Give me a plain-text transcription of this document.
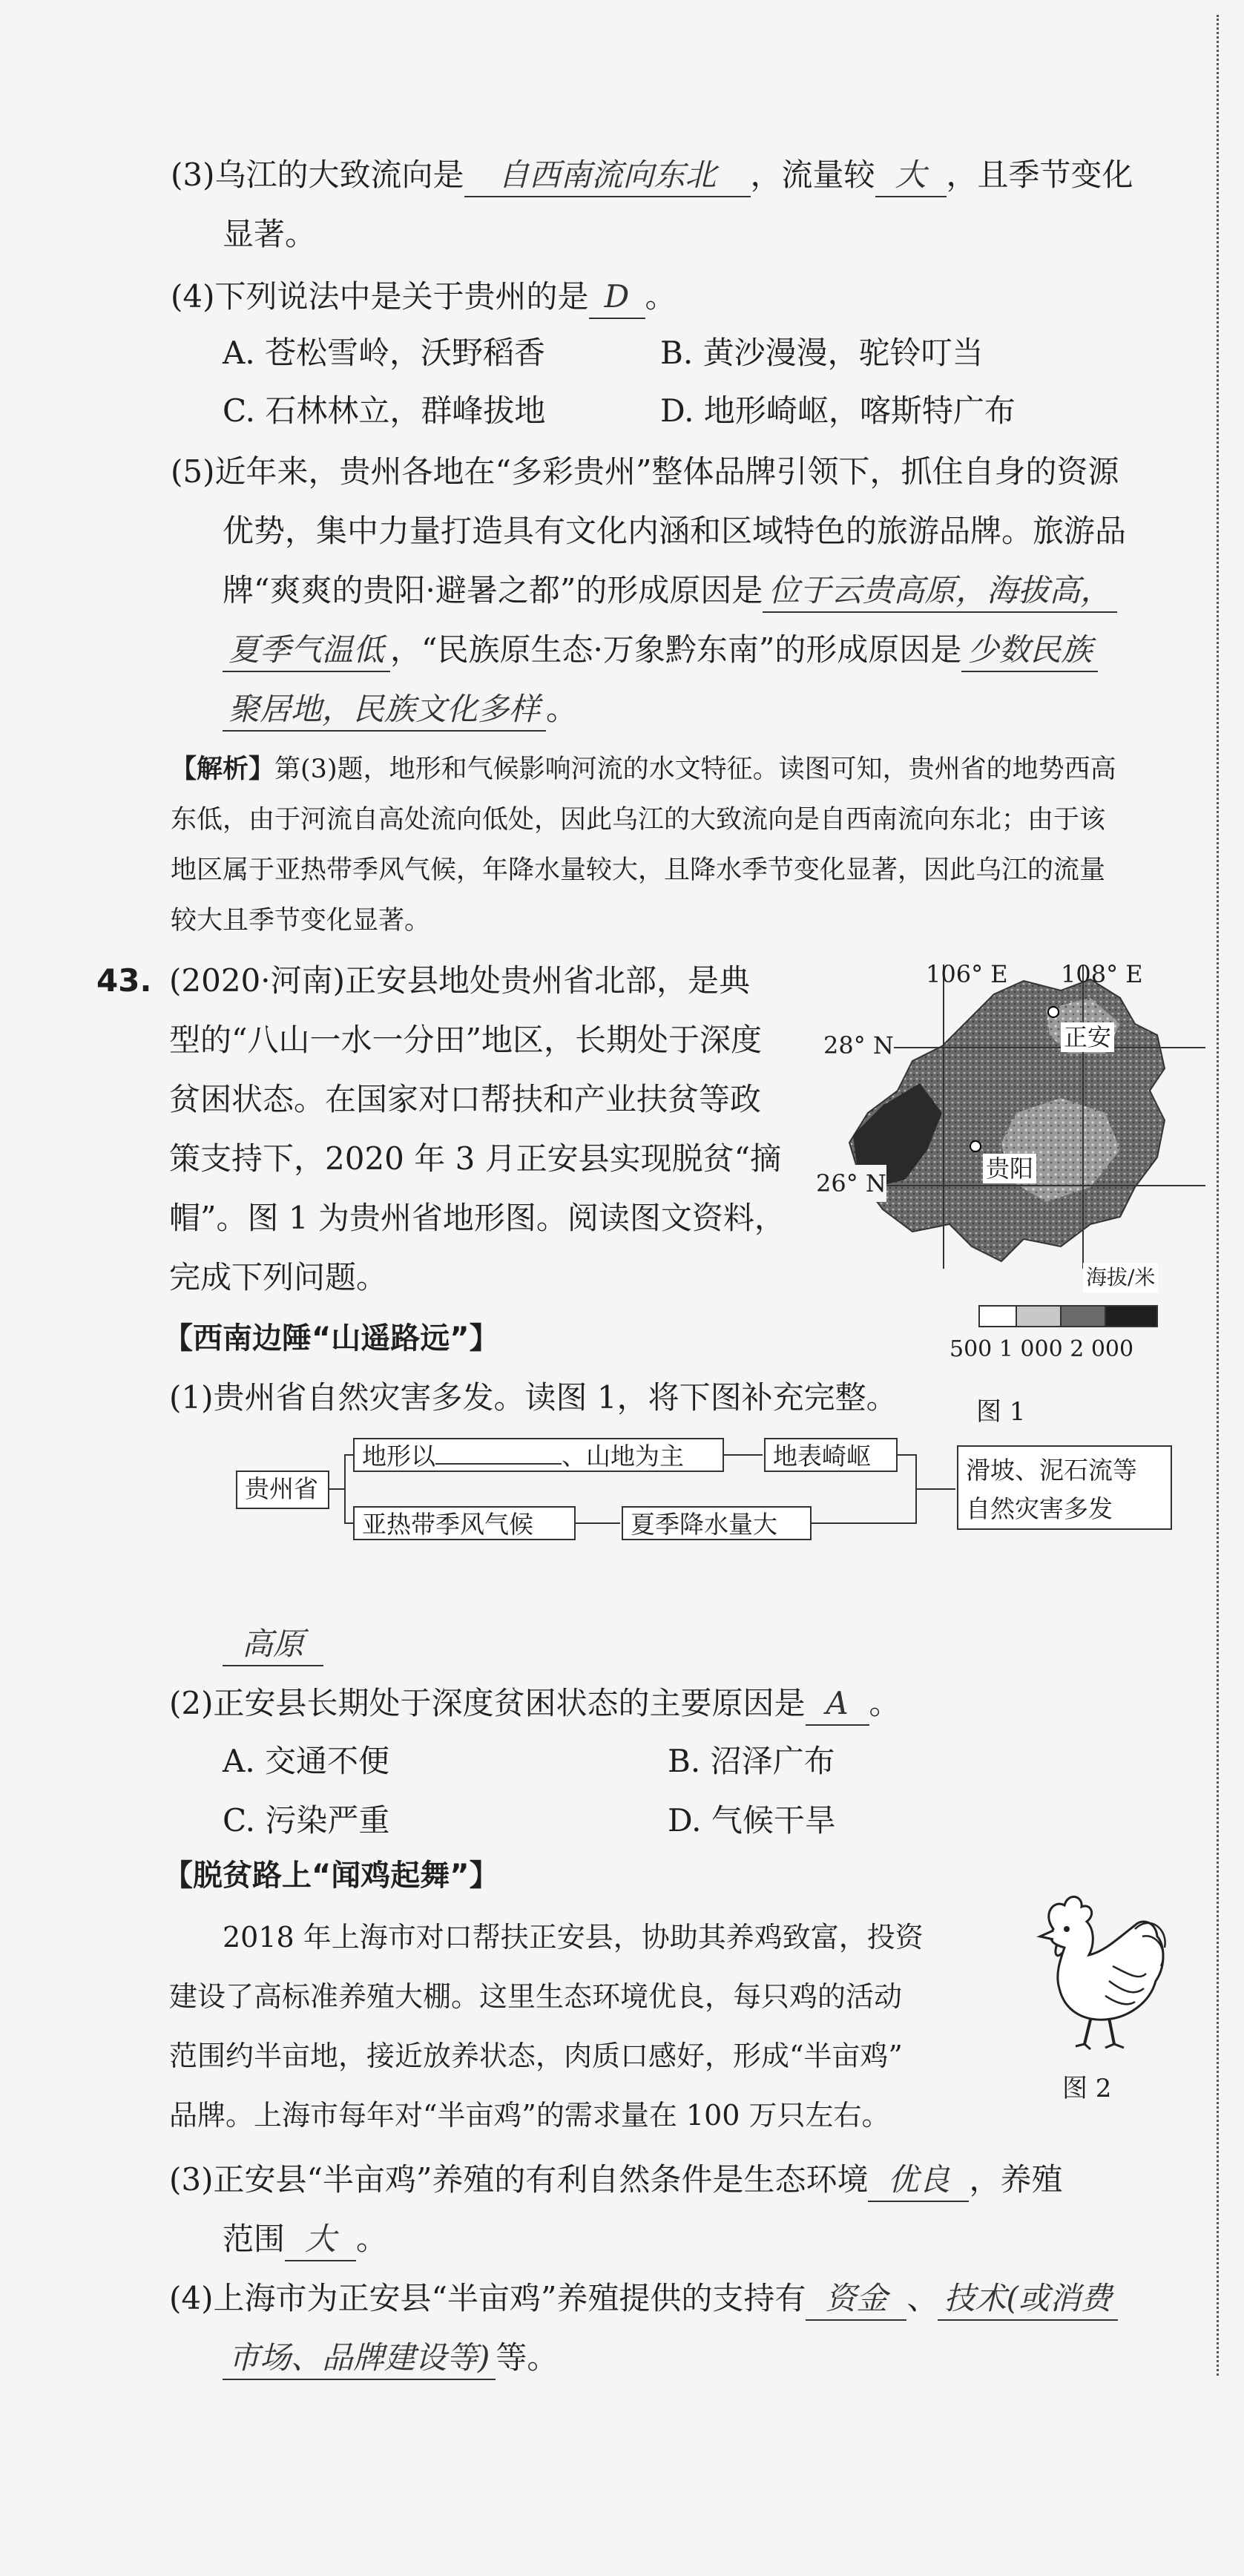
(3)乌江的大致流向是 自西南流向东北 ，流量较 大 ，且季节变化
显著。
(4)下列说法中是关于贵州的是 D 。
A. 苍松雪岭，沃野稻香	B. 黄沙漫漫，驼铃叮当
C. 石林林立，群峰拔地	D. 地形崎岖，喀斯特广布
(5)近年来，贵州各地在“多彩贵州”整体品牌引领下，抓住自身的资源
优势，集中力量打造具有文化内涵和区域特色的旅游品牌。旅游品
牌“爽爽的贵阳·避暑之都”的形成原因是 位于云贵高原，海拔高，
夏季气温低 ，“民族原生态·万象黔东南”的形成原因是 少数民族
聚居地，民族文化多样 。
【解析】第(3)题，地形和气候影响河流的水文特征。读图可知，贵州省的地势西高
东低，由于河流自高处流向低处，因此乌江的大致流向是自西南流向东北；由于该
地区属于亚热带季风气候，年降水量较大，且降水季节变化显著，因此乌江的流量
较大且季节变化显著。
43. (2020·河南)正安县地处贵州省北部，是典
型的“八山一水一分田”地区，长期处于深度
贫困状态。在国家对口帮扶和产业扶贫等政
策支持下，2020 年 3 月正安县实现脱贫“摘
帽”。图 1 为贵州省地形图。阅读图文资料，
完成下列问题。
106° E 108° E
28° N
26° N
正安
贵阳
海拔/米
500 1 000 2 000
图 1
【西南边陲“山遥路远”】
(1)贵州省自然灾害多发。读图 1，将下图补充完整。
贵州省
地形以	、山地为主	地表崎岖
亚热带季风气候	夏季降水量大
滑坡、泥石流等
自然灾害多发
高原
(2)正安县长期处于深度贫困状态的主要原因是 A 。
A. 交通不便	B. 沼泽广布
C. 污染严重	D. 气候干旱
【脱贫路上“闻鸡起舞”】
2018 年上海市对口帮扶正安县，协助其养鸡致富，投资
建设了高标准养殖大棚。这里生态环境优良，每只鸡的活动
范围约半亩地，接近放养状态，肉质口感好，形成“半亩鸡”
品牌。上海市每年对“半亩鸡”的需求量在 100 万只左右。
图 2
(3)正安县“半亩鸡”养殖的有利自然条件是生态环境 优良 ，养殖
范围 大 。
(4)上海市为正安县“半亩鸡”养殖提供的支持有 资金 、 技术(或消费
市场、品牌建设等) 等。
